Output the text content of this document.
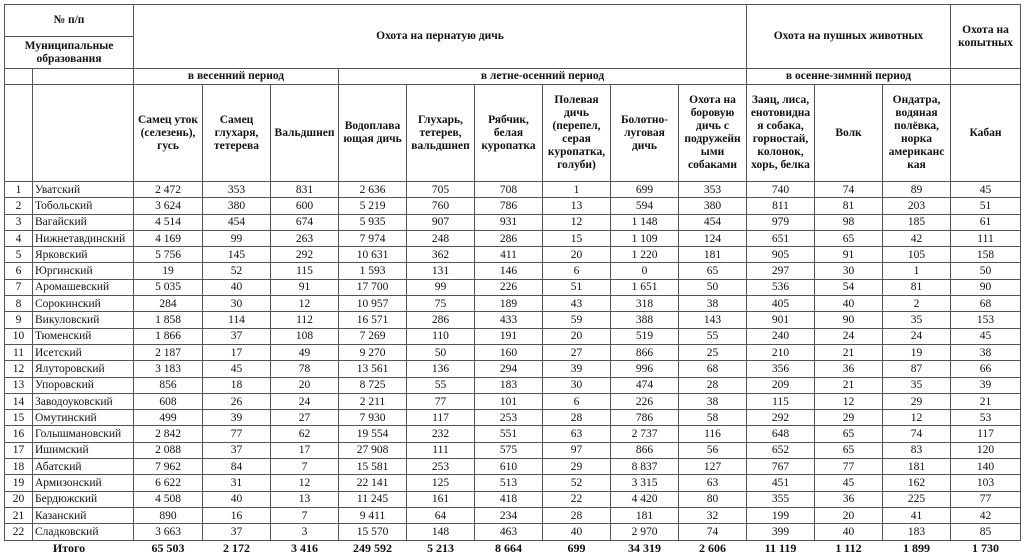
№ п/п		Охота на пернатую дичь									Охота на пушных животных			Охота на копытных
Муниципальные образования														
		в весенний период			в летне-осенний период						в осенне-зимний период			
		Самец уток (селезень), гусь	Самец глухаря, тетерева	Вальдшнеп	Водоплава ющая дичь	Глухарь, тетерев, вальдшнеп	Рябчик, белая куропатка	Полевая дичь (перепел, серая куропатка, голуби)	Болотно-луговая дичь	Охота на боровую дичь с подружейн ыми собаками	Заяц, лиса, енотовидна я собака, горностай, колонок, хорь, белка	Волк	Ондатра, водяная полёвка, норка американс кая	Кабан
1	Уватский	2 472	353	831	2 636	705	708	1	699	353	740	74	89	45
2	Тобольский	3 624	380	600	5 219	760	786	13	594	380	811	81	203	51
3	Вагайский	4 514	454	674	5 935	907	931	12	1 148	454	979	98	185	61
4	Нижнетавдинский	4 169	99	263	7 974	248	286	15	1 109	124	651	65	42	111
5	Ярковский	5 756	145	292	10 631	362	411	20	1 220	181	905	91	105	158
6	Юргинский	19	52	115	1 593	131	146	6	0	65	297	30	1	50
7	Аромашевский	5 035	40	91	17 700	99	226	51	1 651	50	536	54	81	90
8	Сорокинский	284	30	12	10 957	75	189	43	318	38	405	40	2	68
9	Викуловский	1 858	114	112	16 571	286	433	59	388	143	901	90	35	153
10	Тюменский	1 866	37	108	7 269	110	191	20	519	55	240	24	24	45
11	Исетский	2 187	17	49	9 270	50	160	27	866	25	210	21	19	38
12	Ялуторовский	3 183	45	78	13 561	136	294	39	996	68	356	36	87	66
13	Упоровский	856	18	20	8 725	55	183	30	474	28	209	21	35	39
14	Заводоуковский	608	26	24	2 211	77	101	6	226	38	115	12	29	21
15	Омутинский	499	39	27	7 930	117	253	28	786	58	292	29	12	53
16	Голышмановский	2 842	77	62	19 554	232	551	63	2 737	116	648	65	74	117
17	Ишимский	2 088	37	17	27 908	111	575	97	866	56	652	65	83	120
18	Абатский	7 962	84	7	15 581	253	610	29	8 837	127	767	77	181	140
19	Армизонский	6 622	31	12	22 141	125	513	52	3 315	63	451	45	162	103
20	Бердюжский	4 508	40	13	11 245	161	418	22	4 420	80	355	36	225	77
21	Казанский	890	16	7	9 411	64	234	28	181	32	199	20	41	42
22	Сладковский	3 663	37	3	15 570	148	463	40	2 970	74	399	40	183	85
Итого		65 503	2 172	3 416	249 592	5 213	8 664	699	34 319	2 606	11 119	1 112	1 899	1 730
